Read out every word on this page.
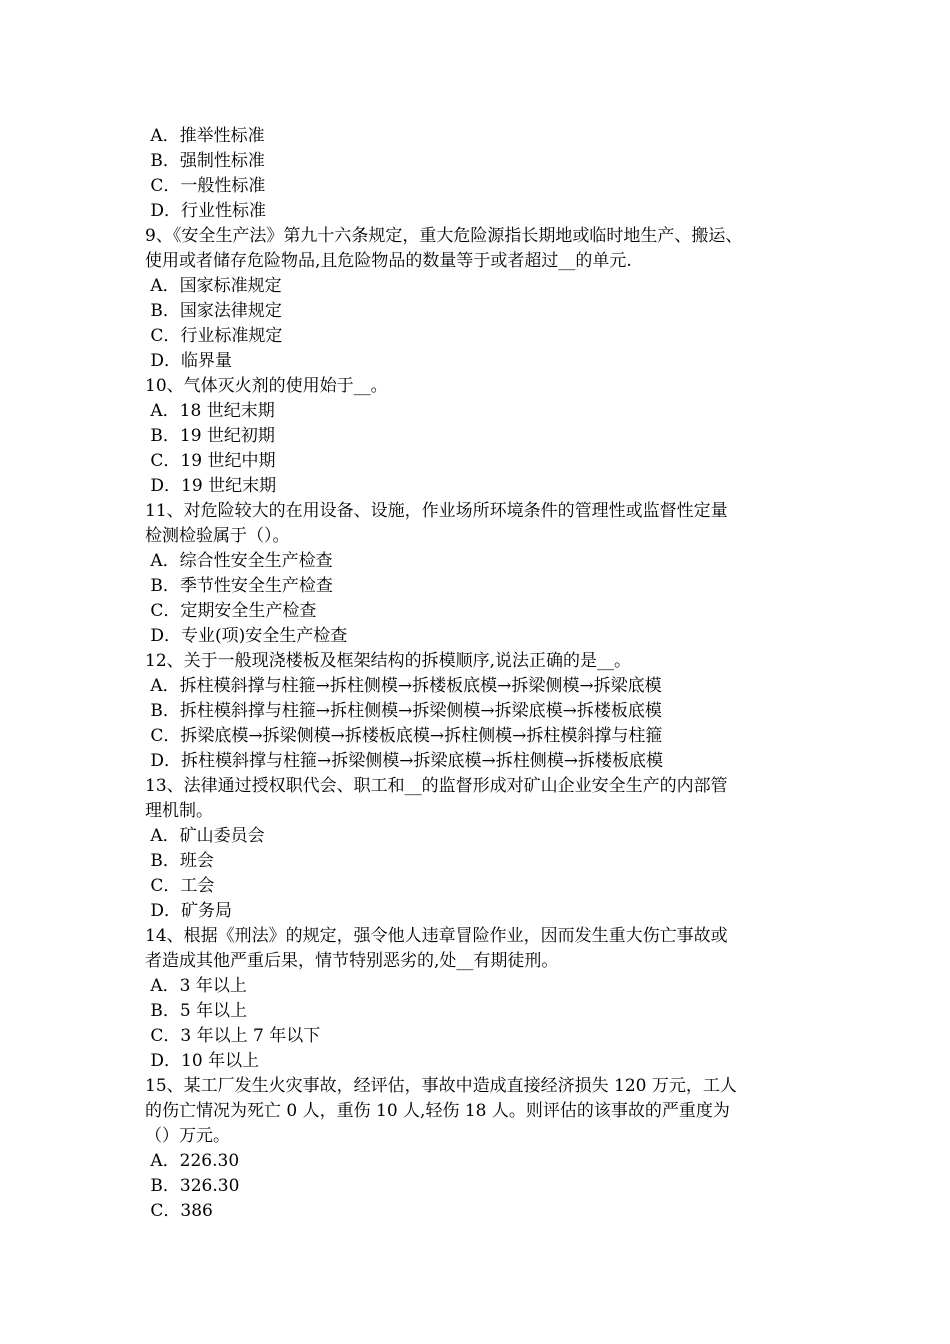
A．推举性标准
B．强制性标准
C．一般性标准
D．行业性标准
9、《安全生产法》第九十六条规定，重大危险源指长期地或临时地生产、搬运、
使用或者储存危险物品,且危险物品的数量等于或者超过__的单元.
A．国家标准规定
B．国家法律规定
C．行业标准规定
D．临界量
10、气体灭火剂的使用始于__。
A．18 世纪末期
B．19 世纪初期
C．19 世纪中期
D．19 世纪末期
11、对危险较大的在用设备、设施，作业场所环境条件的管理性或监督性定量
检测检验属于（）。
A．综合性安全生产检查
B．季节性安全生产检查
C．定期安全生产检查
D．专业(项)安全生产检查
12、关于一般现浇楼板及框架结构的拆模顺序,说法正确的是__。
A．拆柱模斜撑与柱箍→拆柱侧模→拆楼板底模→拆梁侧模→拆梁底模
B．拆柱模斜撑与柱箍→拆柱侧模→拆梁侧模→拆梁底模→拆楼板底模
C．拆梁底模→拆梁侧模→拆楼板底模→拆柱侧模→拆柱模斜撑与柱箍
D．拆柱模斜撑与柱箍→拆梁侧模→拆梁底模→拆柱侧模→拆楼板底模
13、法律通过授权职代会、职工和__的监督形成对矿山企业安全生产的内部管
理机制。
A．矿山委员会
B．班会
C．工会
D．矿务局
14、根据《刑法》的规定，强令他人违章冒险作业，因而发生重大伤亡事故或
者造成其他严重后果，情节特别恶劣的,处__有期徒刑。
A．3 年以上
B．5 年以上
C．3 年以上 7 年以下
D．10 年以上
15、某工厂发生火灾事故，经评估，事故中造成直接经济损失 120 万元，工人
的伤亡情况为死亡 0 人，重伤 10 人,轻伤 18 人。则评估的该事故的严重度为
（）万元。
A．226.30
B．326.30
C．386
